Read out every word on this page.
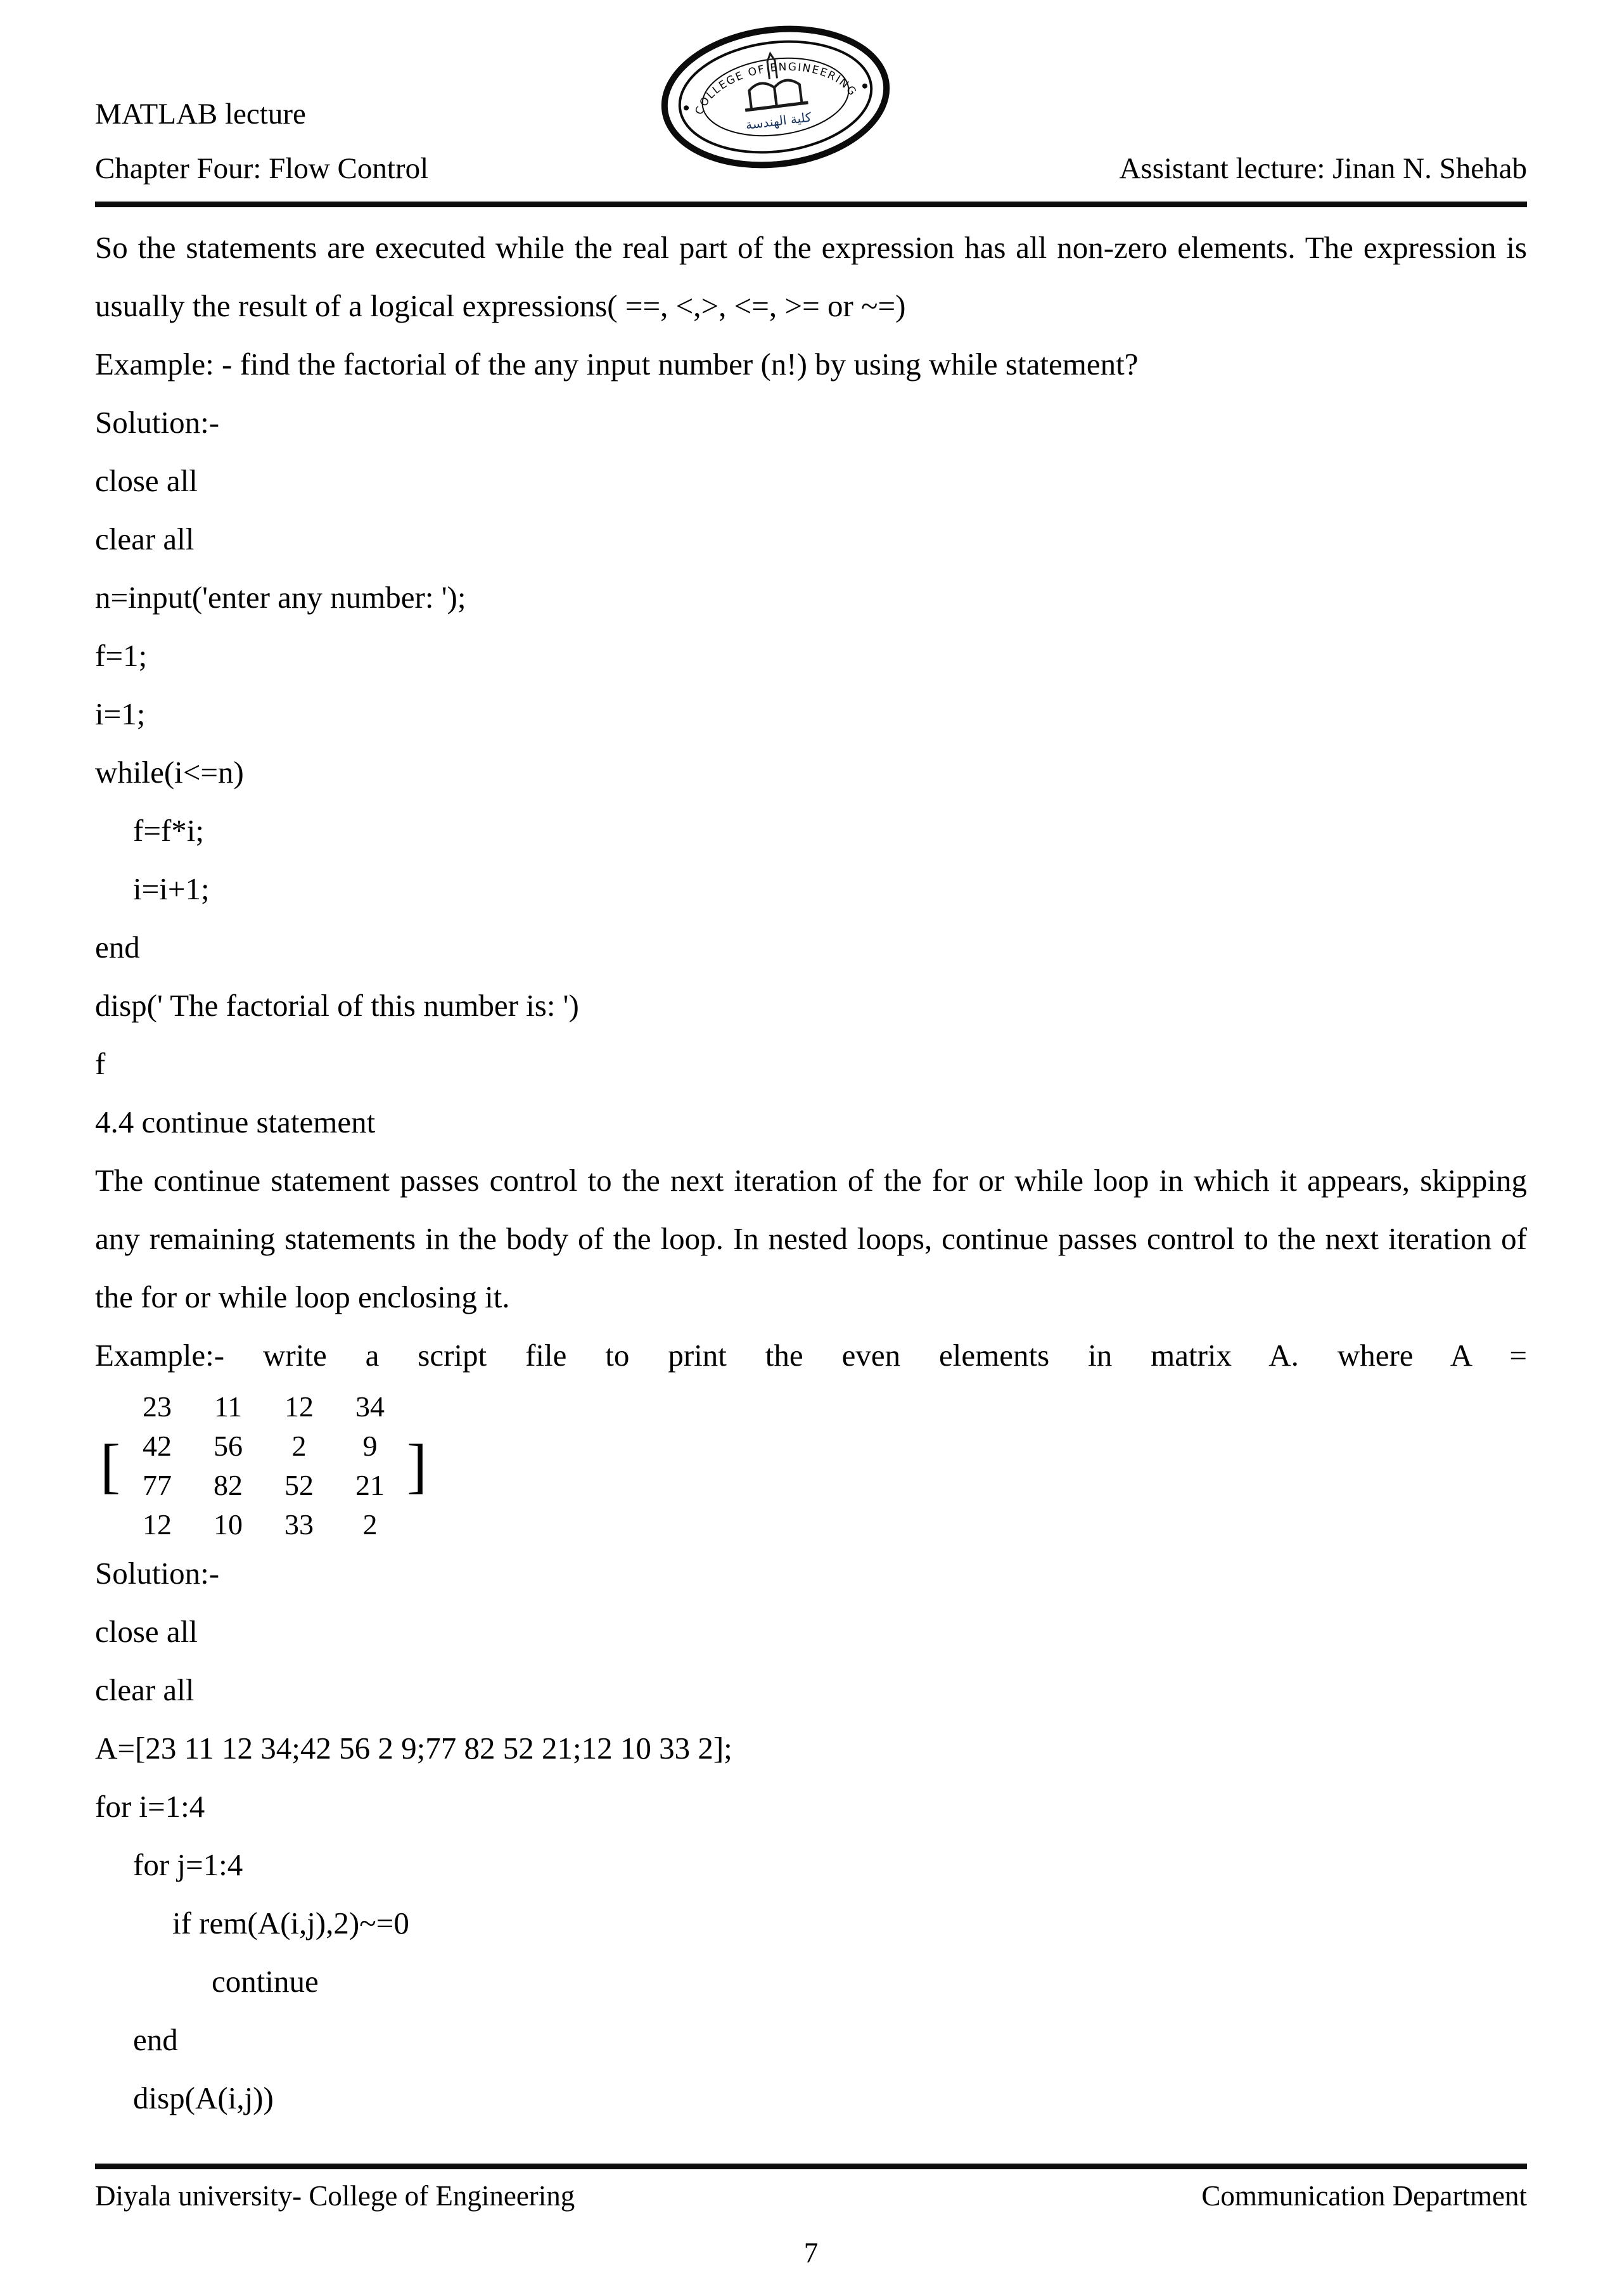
MATLAB lecture
Chapter Four: Flow Control
COLLEGE OF ENGINEERING
كلية الهندسة
Assistant lecture: Jinan N. Shehab

So the statements are executed while the real part of the expression has all non-zero elements. The expression is usually the result of a logical expressions( ==, <,>, <=, >= or ~=)

Example: - find the factorial of the any input number (n!) by using while statement?

Solution:-

close all

clear all

n=input('enter any number: ');

f=1;

i=1;

while(i<=n)

f=f*i;

i=i+1;

end

disp(' The factorial of this number is: ')

f

4.4 continue statement

The continue statement passes control to the next iteration of the for or while loop in which it appears, skipping any remaining statements in the body of the loop. In nested loops, continue passes control to the next iteration of the for or while loop enclosing it.

Example:- write a script file to print the even elements in matrix A. where A =

[
23	11	12	34
42	56	2	9
77	82	52	21
12	10	33	2
]

Solution:-

close all

clear all

A=[23 11 12 34;42 56 2 9;77 82 52 21;12 10 33 2];

for i=1:4

for j=1:4

if rem(A(i,j),2)~=0

continue

end

disp(A(i,j))

Diyala university- College of Engineering	Communication Department
7
